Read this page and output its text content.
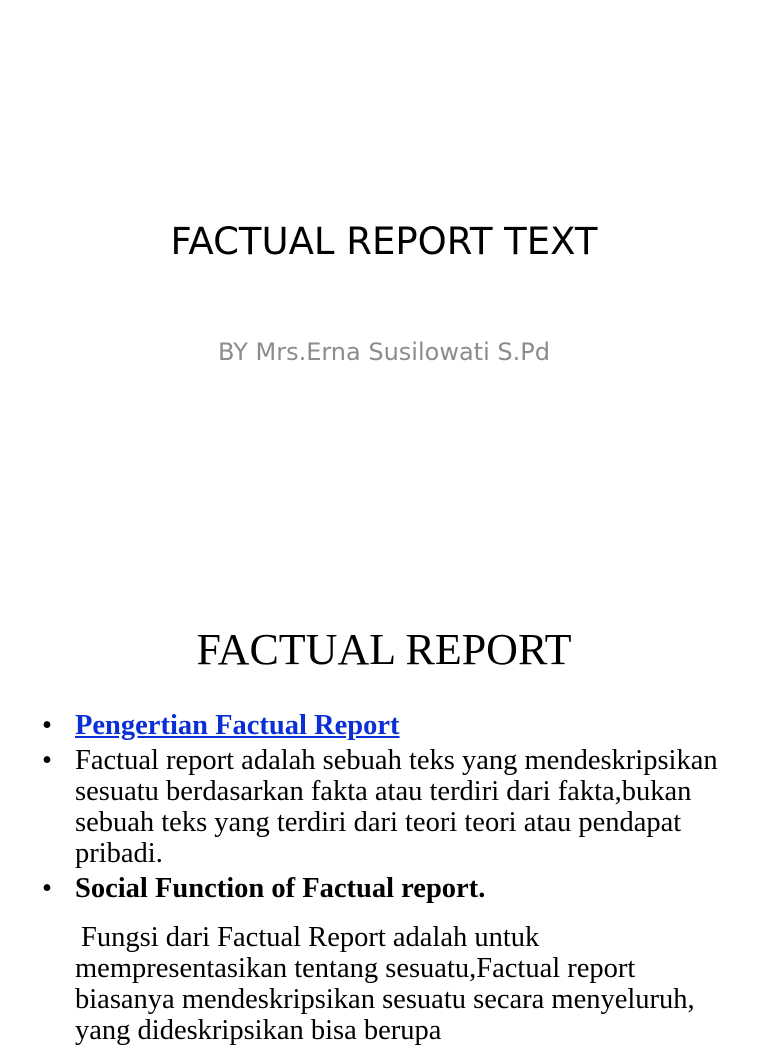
FACTUAL REPORT TEXT
BY Mrs.Erna Susilowati S.Pd
FACTUAL REPORT
• Pengertian Factual Report
• Factual report adalah sebuah teks yang mendeskripsikan sesuatu berdasarkan fakta atau terdiri dari fakta,bukan sebuah teks yang terdiri dari teori teori atau pendapat pribadi.
• Social Function of Factual report.
Fungsi dari Factual Report adalah untuk
mempresentasikan tentang sesuatu,Factual report biasanya mendeskripsikan sesuatu secara menyeluruh, yang dideskripsikan bisa berupa
